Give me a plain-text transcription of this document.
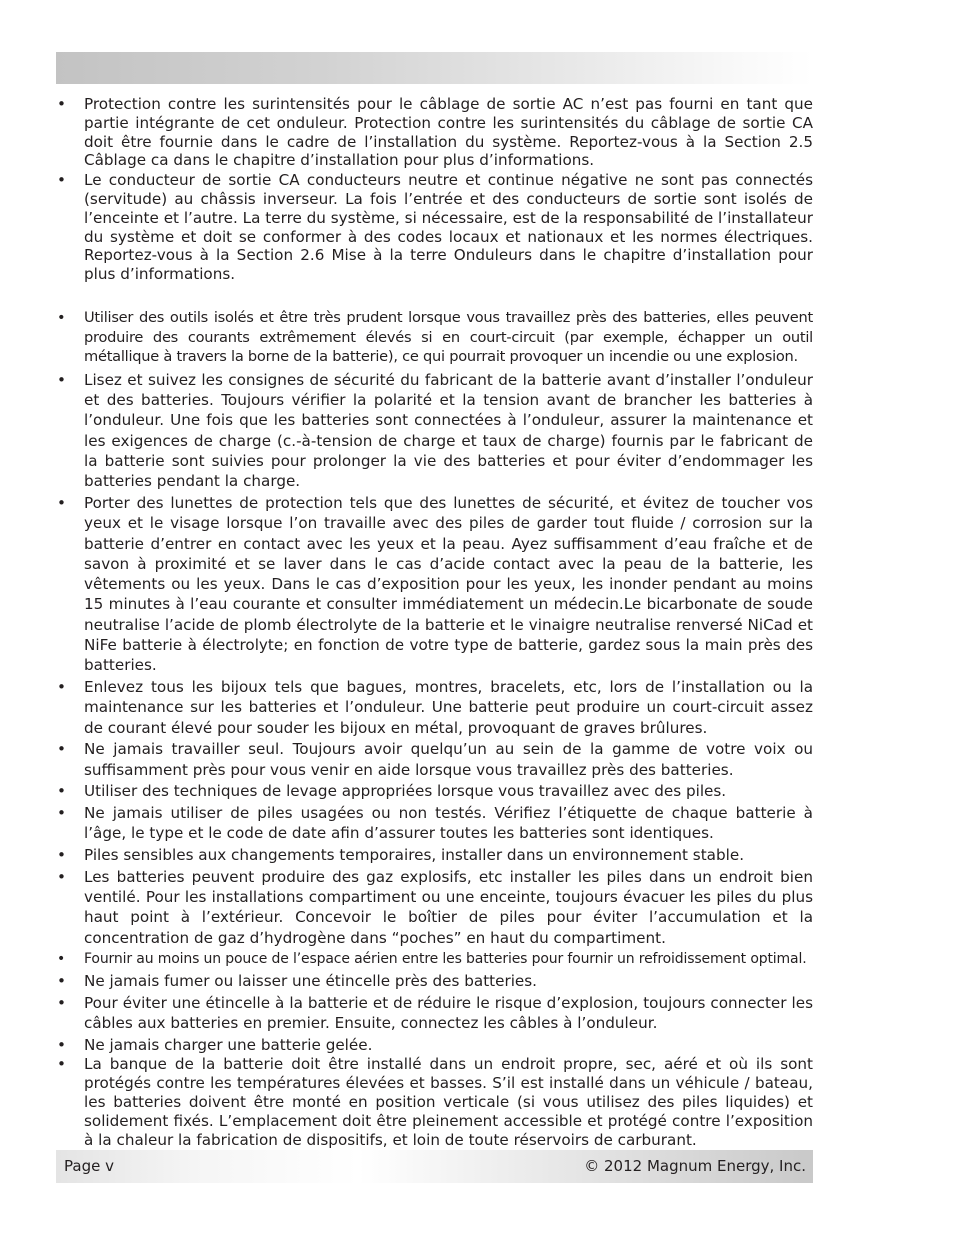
• Protection contre les surintensités pour le câblage de sortie AC n’est pas fourni en tant que partie intégrante de cet onduleur. Protection contre les surintensités du câblage de sortie CA doit être fournie dans le cadre de l’installation du système. Reportez-vous à la Section 2.5 Câblage ca dans le chapitre d’installation pour plus d’informations.
• Le conducteur de sortie CA conducteurs neutre et continue négative ne sont pas connectés (servitude) au châssis inverseur. La fois l’entrée et des conducteurs de sortie sont isolés de l’enceinte et l’autre. La terre du système, si nécessaire, est de la responsabilité de l’installateur du système et doit se conformer à des codes locaux et nationaux et les normes électriques. Reportez-vous à la Section 2.6 Mise à la terre Onduleurs dans le chapitre d’installation pour plus d’informations.
• Utiliser des outils isolés et être très prudent lorsque vous travaillez près des batteries, elles peuvent produire des courants extrêmement élevés si en court-circuit (par exemple, échapper un outil métallique à travers la borne de la batterie), ce qui pourrait provoquer un incendie ou une explosion.
• Lisez et suivez les consignes de sécurité du fabricant de la batterie avant d’installer l’onduleur et des batteries. Toujours vérifier la polarité et la tension avant de brancher les batteries à l’onduleur. Une fois que les batteries sont connectées à l’onduleur, assurer la maintenance et les exigences de charge (c.-à-tension de charge et taux de charge) fournis par le fabricant de la batterie sont suivies pour prolonger la vie des batteries et pour éviter d’endommager les batteries pendant la charge.
• Porter des lunettes de protection tels que des lunettes de sécurité, et évitez de toucher vos yeux et le visage lorsque l’on travaille avec des piles de garder tout fluide / corrosion sur la batterie d’entrer en contact avec les yeux et la peau. Ayez suffisamment d’eau fraîche et de savon à proximité et se laver dans le cas d’acide contact avec la peau de la batterie, les vêtements ou les yeux. Dans le cas d’exposition pour les yeux, les inonder pendant au moins 15 minutes à l’eau courante et consulter immédiatement un médecin.Le bicarbonate de soude neutralise l’acide de plomb électrolyte de la batterie et le vinaigre neutralise renversé NiCad et NiFe batterie à électrolyte; en fonction de votre type de batterie, gardez sous la main près des batteries.
• Enlevez tous les bijoux tels que bagues, montres, bracelets, etc, lors de l’installation ou la maintenance sur les batteries et l’onduleur. Une batterie peut produire un court-circuit assez de courant élevé pour souder les bijoux en métal, provoquant de graves brûlures.
• Ne jamais travailler seul. Toujours avoir quelqu’un au sein de la gamme de votre voix ou suffisamment près pour vous venir en aide lorsque vous travaillez près des batteries.
• Utiliser des techniques de levage appropriées lorsque vous travaillez avec des piles.
• Ne jamais utiliser de piles usagées ou non testés. Vérifiez l’étiquette de chaque batterie à l’âge, le type et le code de date afin d’assurer toutes les batteries sont identiques.
• Piles sensibles aux changements temporaires, installer dans un environnement stable.
• Les batteries peuvent produire des gaz explosifs, etc installer les piles dans un endroit bien ventilé. Pour les installations compartiment ou une enceinte, toujours évacuer les piles du plus haut point à l’extérieur. Concevoir le boîtier de piles pour éviter l’accumulation et la concentration de gaz d’hydrogène dans “poches” en haut du compartiment.
• Fournir au moins un pouce de l’espace aérien entre les batteries pour fournir un refroidissement optimal.
• Ne jamais fumer ou laisser une étincelle près des batteries.
• Pour éviter une étincelle à la batterie et de réduire le risque d’explosion, toujours connecter les câbles aux batteries en premier. Ensuite, connectez les câbles à l’onduleur.
• Ne jamais charger une batterie gelée.
• La banque de la batterie doit être installé dans un endroit propre, sec, aéré et où ils sont protégés contre les températures élevées et basses. S’il est installé dans un véhicule / bateau, les batteries doivent être monté en position verticale (si vous utilisez des piles liquides) et solidement fixés. L’emplacement doit être pleinement accessible et protégé contre l’exposition à la chaleur la fabrication de dispositifs, et loin de toute réservoirs de carburant.
Page v	© 2012 Magnum Energy, Inc.
